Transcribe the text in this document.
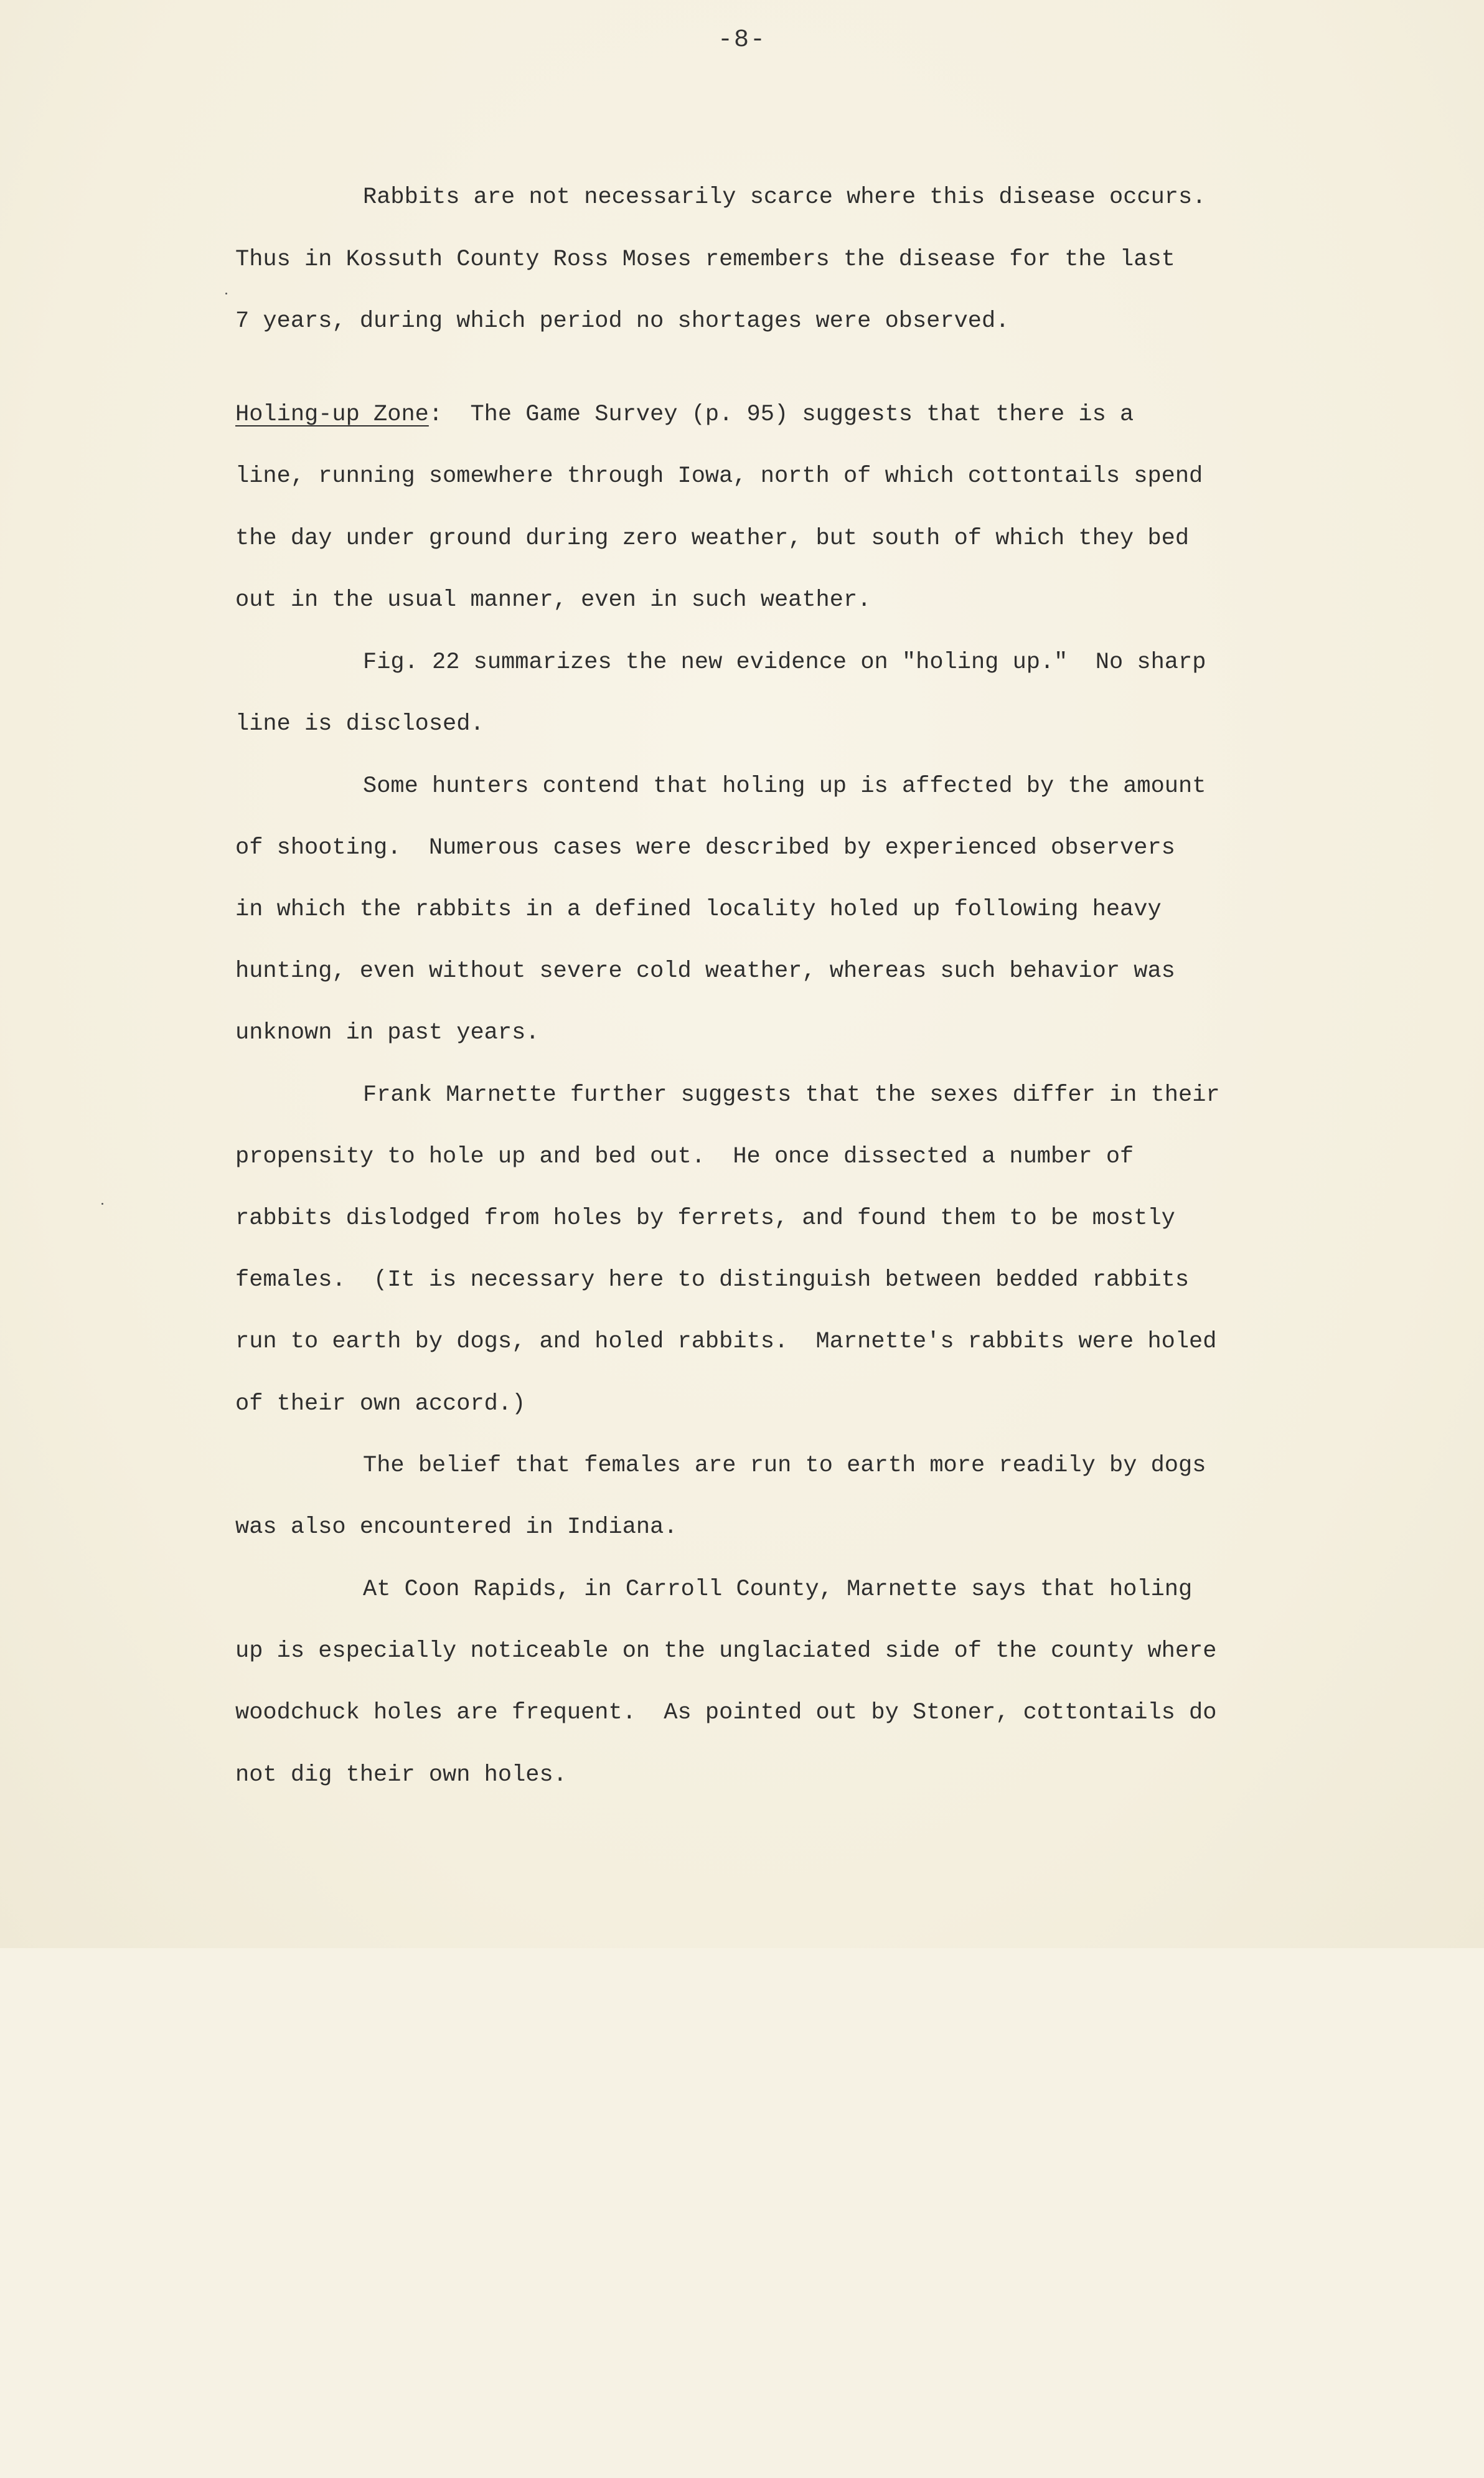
-8-

Rabbits are not necessarily scarce where this disease occurs.

Thus in Kossuth County Ross Moses remembers the disease for the last

7 years, during which period no shortages were observed.

Holing-up Zone:  The Game Survey (p. 95) suggests that there is a

line, running somewhere through Iowa, north of which cottontails spend

the day under ground during zero weather, but south of which they bed

out in the usual manner, even in such weather.

Fig. 22 summarizes the new evidence on "holing up."  No sharp

line is disclosed.

Some hunters contend that holing up is affected by the amount

of shooting.  Numerous cases were described by experienced observers

in which the rabbits in a defined locality holed up following heavy

hunting, even without severe cold weather, whereas such behavior was

unknown in past years.

Frank Marnette further suggests that the sexes differ in their

propensity to hole up and bed out.  He once dissected a number of

rabbits dislodged from holes by ferrets, and found them to be mostly

females.  (It is necessary here to distinguish between bedded rabbits

run to earth by dogs, and holed rabbits.  Marnette's rabbits were holed

of their own accord.)

The belief that females are run to earth more readily by dogs

was also encountered in Indiana.

At Coon Rapids, in Carroll County, Marnette says that holing

up is especially noticeable on the unglaciated side of the county where

woodchuck holes are frequent.  As pointed out by Stoner, cottontails do

not dig their own holes.
